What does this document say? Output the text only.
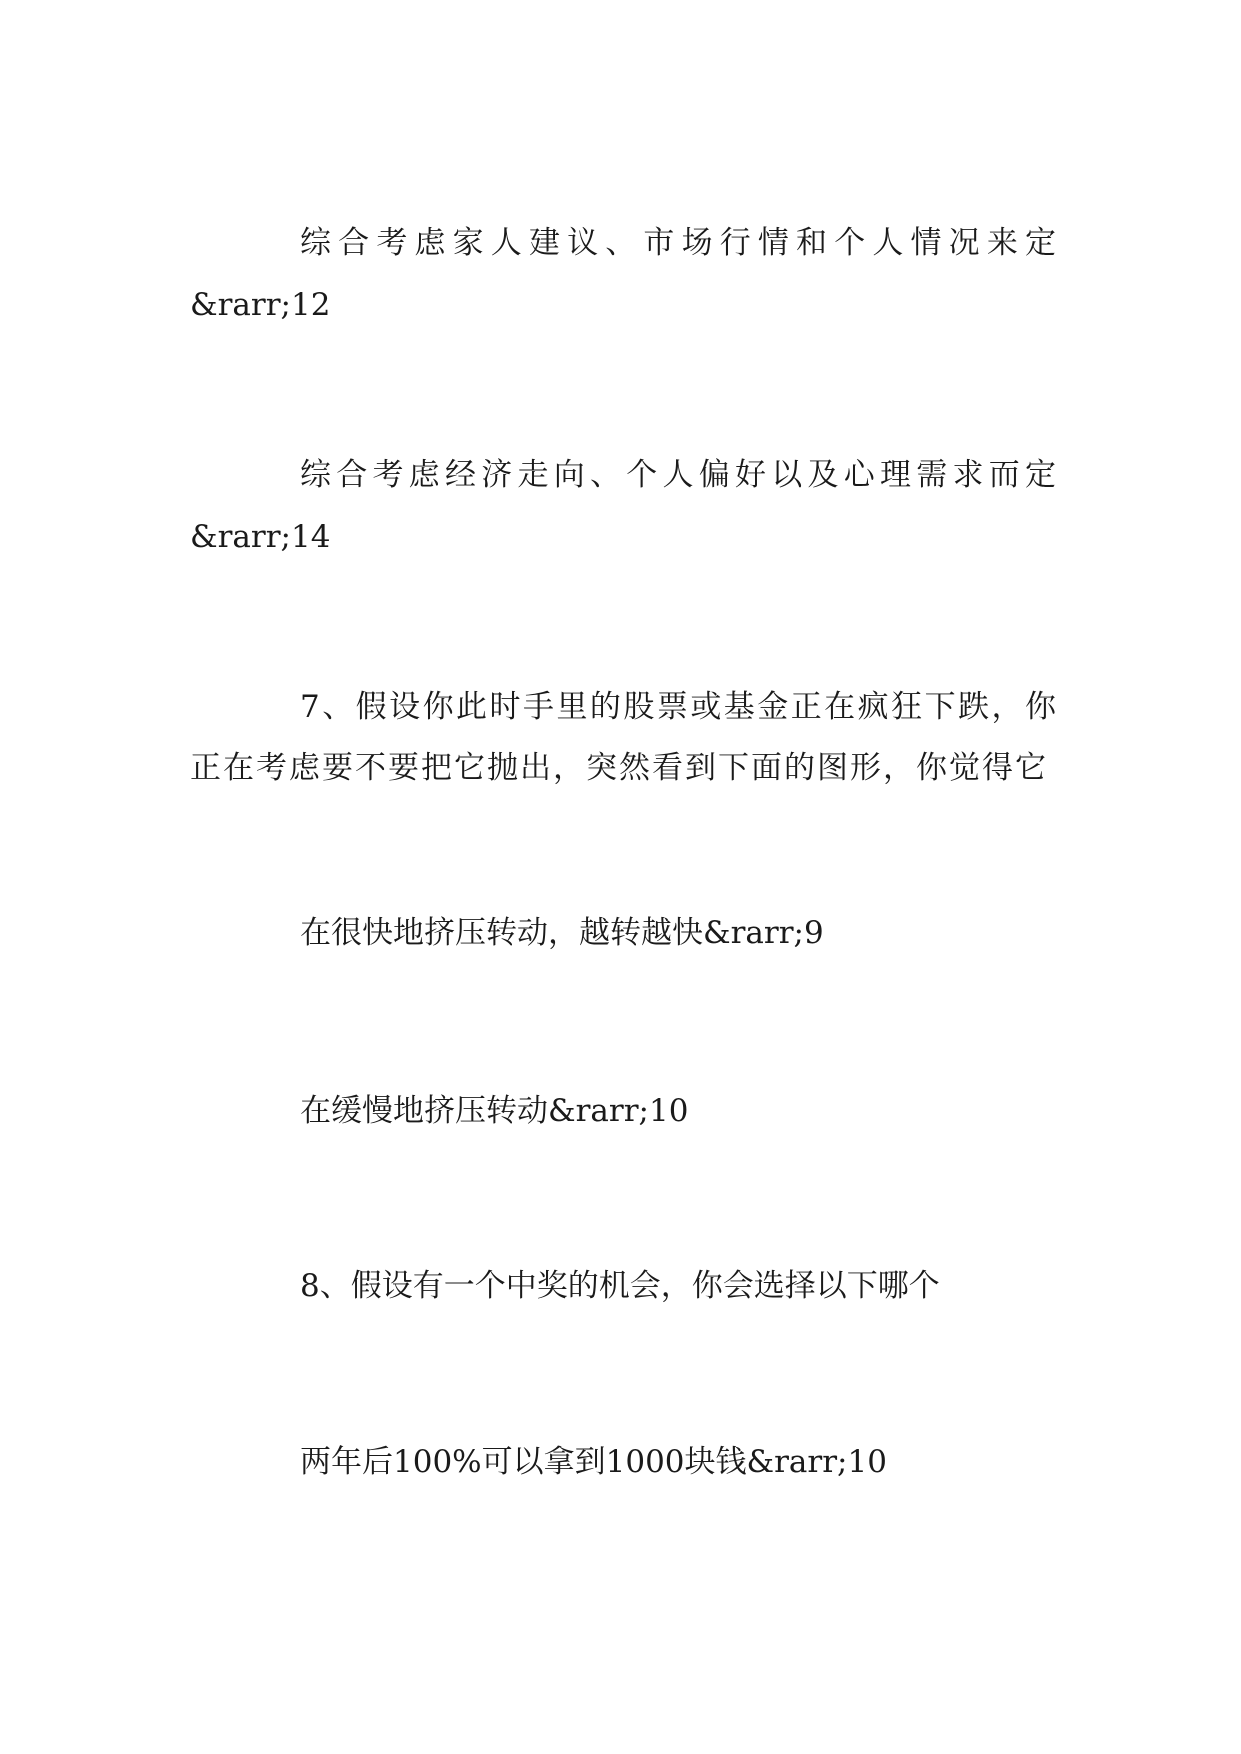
综合考虑家人建议、市场行情和个人情况来定

&rarr;12

综合考虑经济走向、个人偏好以及心理需求而定

&rarr;14

7、假设你此时手里的股票或基金正在疯狂下跌，你

正在考虑要不要把它抛出，突然看到下面的图形，你觉得它

在很快地挤压转动，越转越快&rarr;9

在缓慢地挤压转动&rarr;10

8、假设有一个中奖的机会，你会选择以下哪个

两年后100%可以拿到1000块钱&rarr;10
